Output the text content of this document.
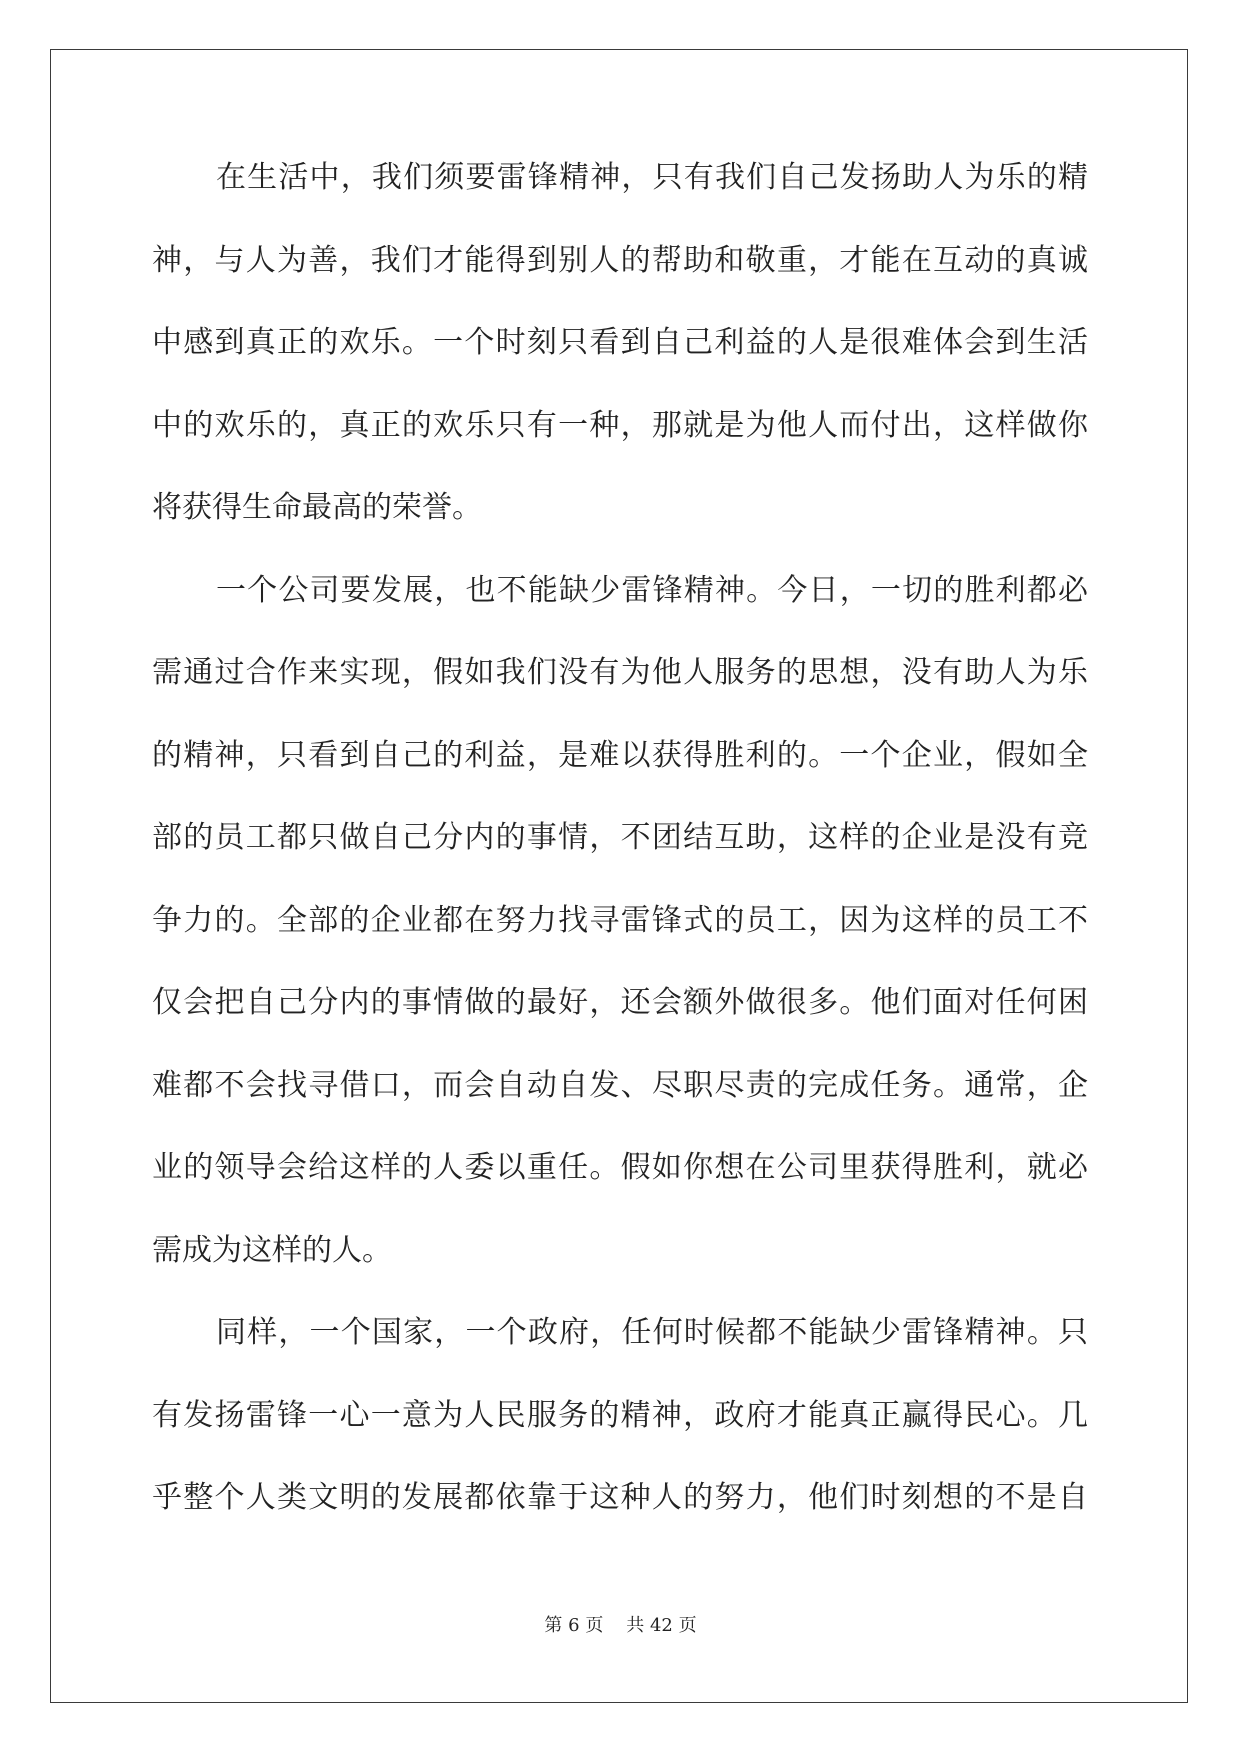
在生活中，我们须要雷锋精神，只有我们自己发扬助人为乐的精
神，与人为善，我们才能得到别人的帮助和敬重，才能在互动的真诚
中感到真正的欢乐。一个时刻只看到自己利益的人是很难体会到生活
中的欢乐的，真正的欢乐只有一种，那就是为他人而付出，这样做你
将获得生命最高的荣誉。
一个公司要发展，也不能缺少雷锋精神。今日，一切的胜利都必
需通过合作来实现，假如我们没有为他人服务的思想，没有助人为乐
的精神，只看到自己的利益，是难以获得胜利的。一个企业，假如全
部的员工都只做自己分内的事情，不团结互助，这样的企业是没有竞
争力的。全部的企业都在努力找寻雷锋式的员工，因为这样的员工不
仅会把自己分内的事情做的最好，还会额外做很多。他们面对任何困
难都不会找寻借口，而会自动自发、尽职尽责的完成任务。通常，企
业的领导会给这样的人委以重任。假如你想在公司里获得胜利，就必
需成为这样的人。
同样，一个国家，一个政府，任何时候都不能缺少雷锋精神。只
有发扬雷锋一心一意为人民服务的精神，政府才能真正赢得民心。几
乎整个人类文明的发展都依靠于这种人的努力，他们时刻想的不是自
第 6 页 共 42 页
